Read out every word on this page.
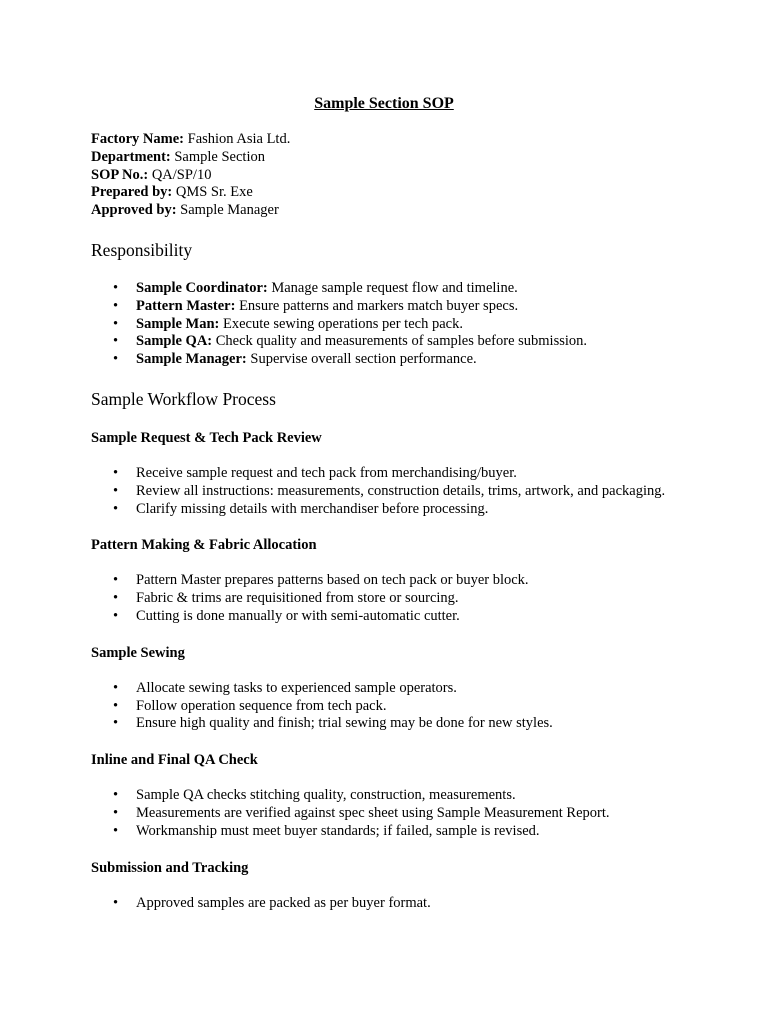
Sample Section SOP

Factory Name: Fashion Asia Ltd.

Department: Sample Section

SOP No.: QA/SP/10

Prepared by: QMS Sr. Exe

Approved by: Sample Manager

Responsibility
• Sample Coordinator: Manage sample request flow and timeline.
• Pattern Master: Ensure patterns and markers match buyer specs.
• Sample Man: Execute sewing operations per tech pack.
• Sample QA: Check quality and measurements of samples before submission.
• Sample Manager: Supervise overall section performance.
Sample Workflow Process
Sample Request & Tech Pack Review
• Receive sample request and tech pack from merchandising/buyer.
• Review all instructions: measurements, construction details, trims, artwork, and packaging.
• Clarify missing details with merchandiser before processing.
Pattern Making & Fabric Allocation
• Pattern Master prepares patterns based on tech pack or buyer block.
• Fabric & trims are requisitioned from store or sourcing.
• Cutting is done manually or with semi-automatic cutter.
Sample Sewing
• Allocate sewing tasks to experienced sample operators.
• Follow operation sequence from tech pack.
• Ensure high quality and finish; trial sewing may be done for new styles.
Inline and Final QA Check
• Sample QA checks stitching quality, construction, measurements.
• Measurements are verified against spec sheet using Sample Measurement Report.
• Workmanship must meet buyer standards; if failed, sample is revised.
Submission and Tracking
• Approved samples are packed as per buyer format.
